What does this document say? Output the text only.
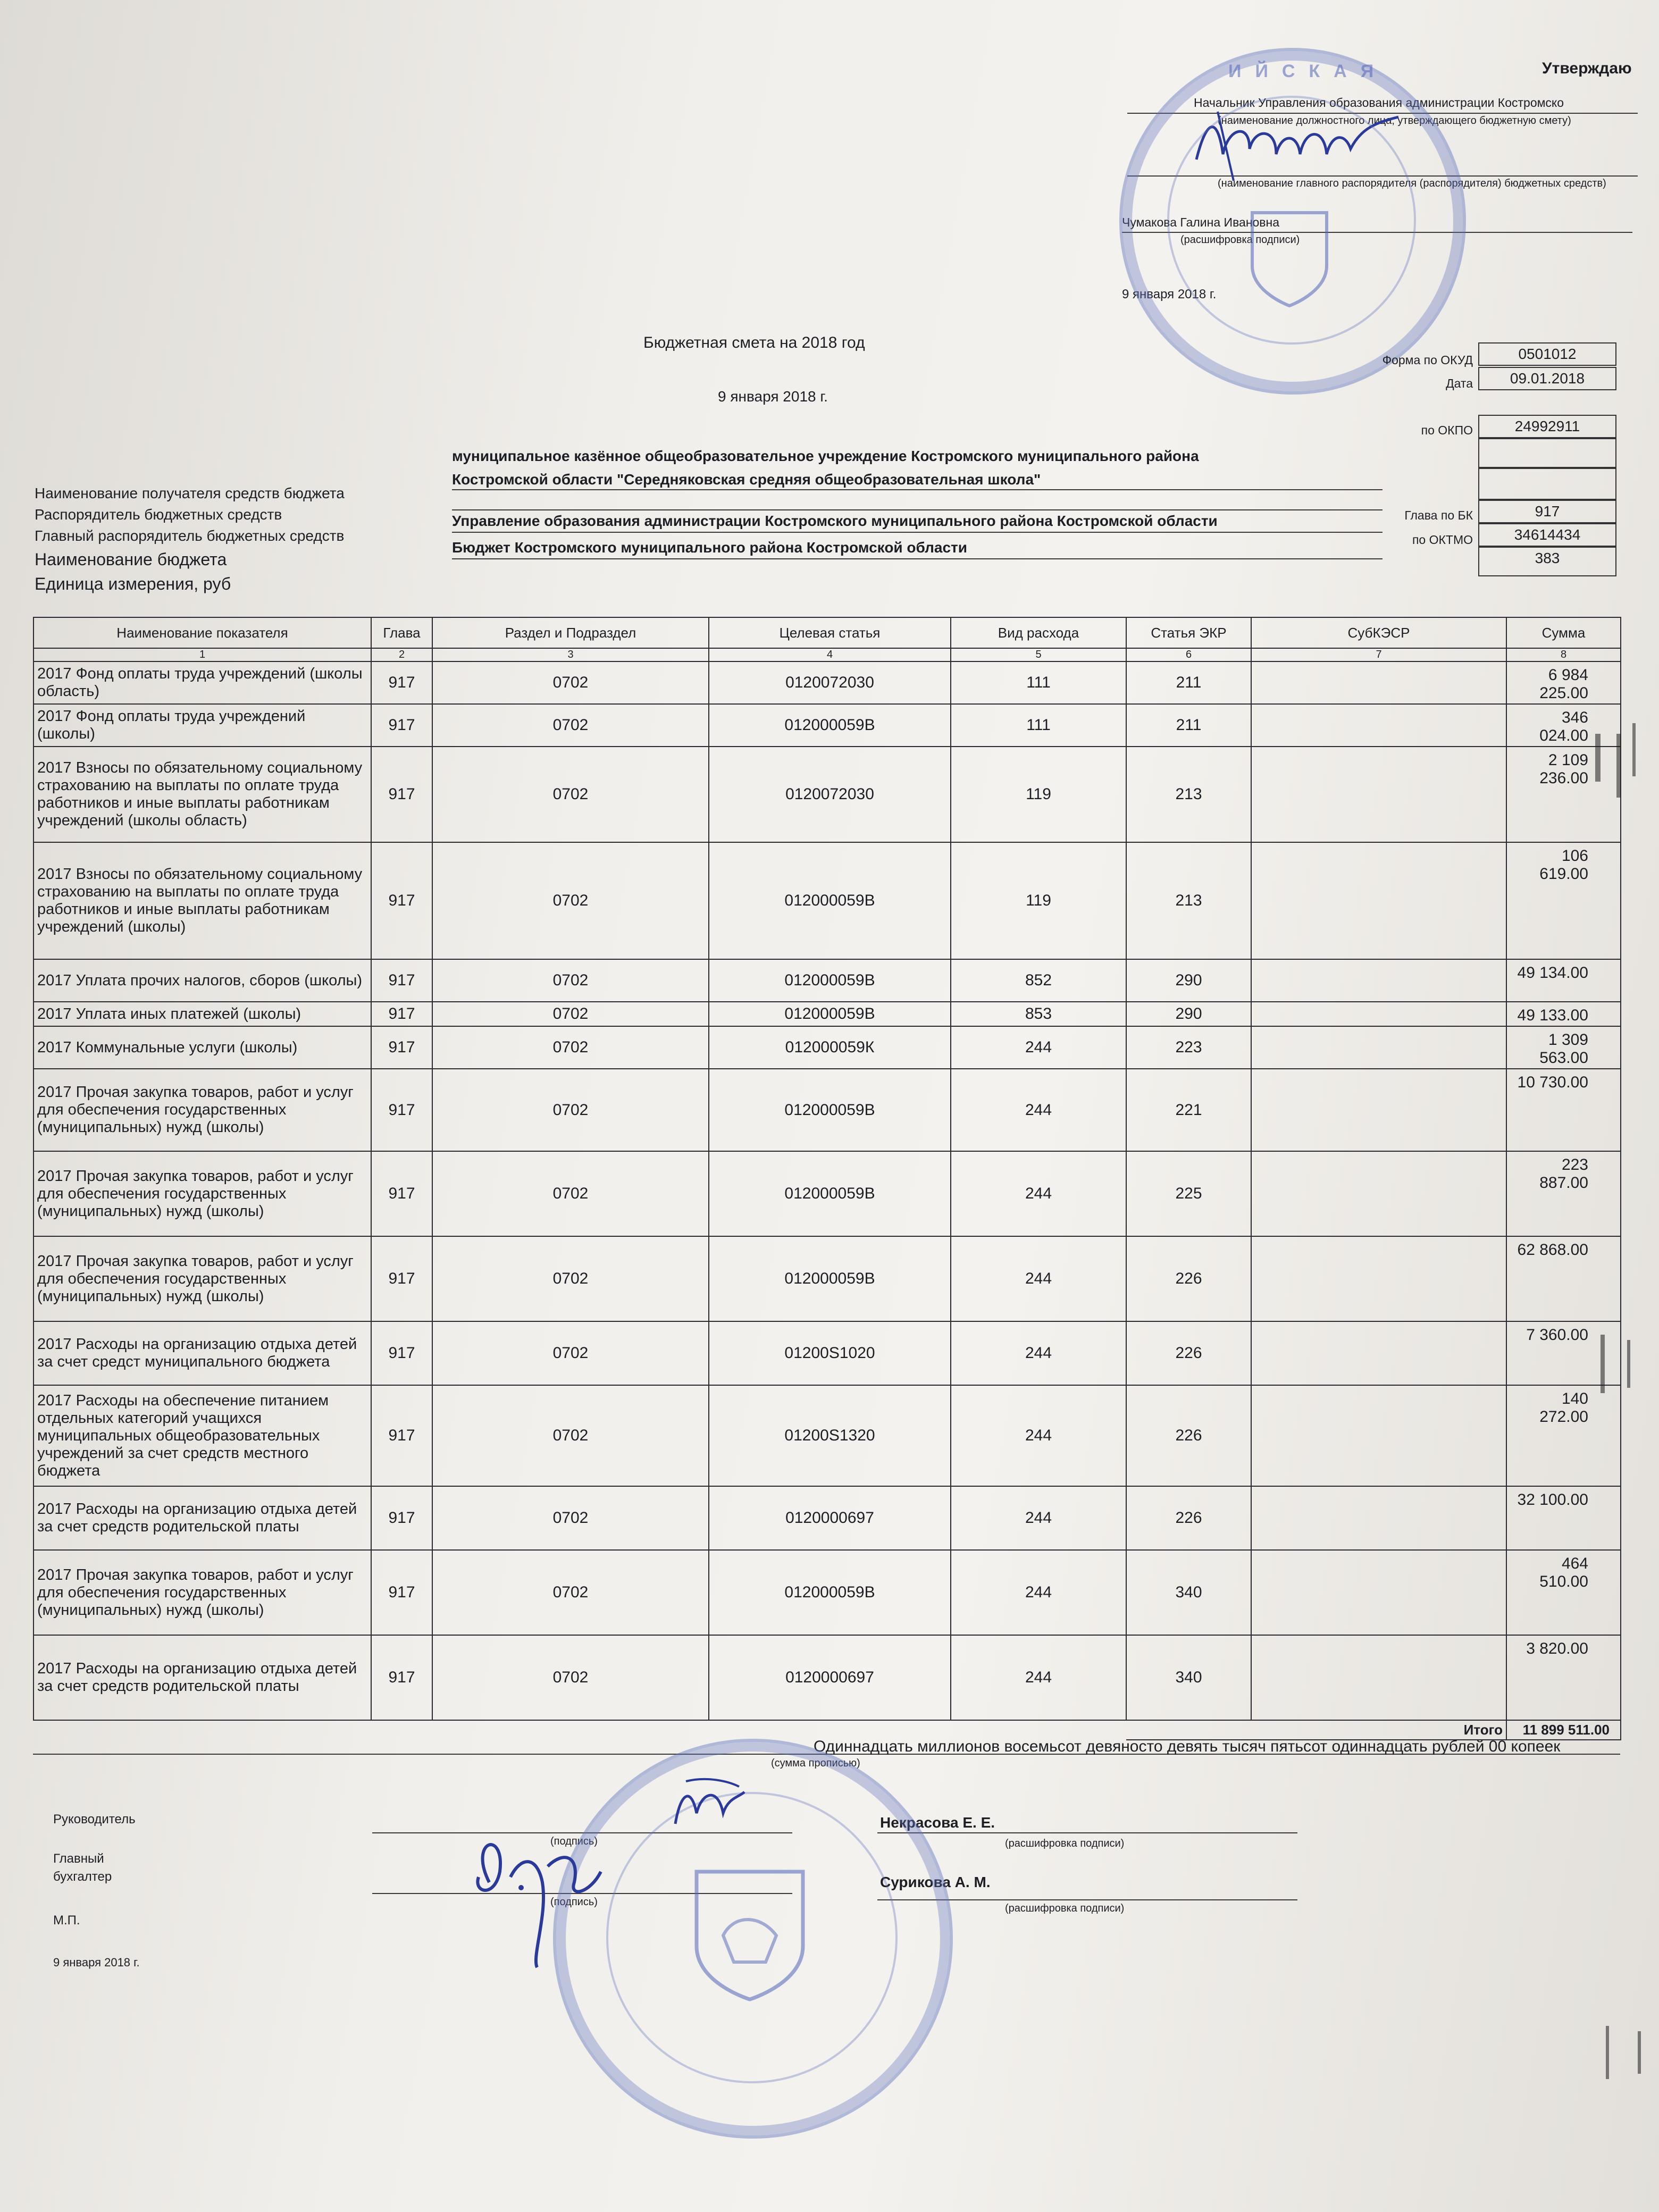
Утверждаю
Начальник Управления образования администрации Костромско
(наименование должностного лица, утверждающего бюджетную смету)
(наименование главного распорядителя (распорядителя) бюджетных средств)
Чумакова Галина Ивановна
(расшифровка подписи)
9 января 2018 г.
ИЙСКАЯ
Бюджетная смета на 2018 год
9 января 2018 г.
Форма по ОКУД	0501012
Дата	09.01.2018
по ОКПО	24992911
Глава по БК	917
по ОКТМО	34614434
383
Наименование получателя средств бюджета
Распорядитель бюджетных средств
Главный распорядитель бюджетных средств
Наименование бюджета
Единица измерения, руб
муниципальное казённое общеобразовательное учреждение Костромского муниципального района
Костромской области "Середняковская средняя общеобразовательная школа"
Управление образования администрации Костромского муниципального района Костромской области
Бюджет Костромского муниципального района Костромской области
Наименование показателя	Глава	Раздел и Подраздел	Целевая статья	Вид расхода	Статья ЭКР	СубКЭСР	Сумма
1	2	3	4	5	6	7	8
2017 Фонд оплаты труда учреждений (школы область)	917	0702	0120072030	111	211		6 984 225.00
2017 Фонд оплаты труда учреждений (школы)	917	0702	012000059В	111	211		346 024.00
2017 Взносы по обязательному социальному страхованию на выплаты по оплате труда работников и иные выплаты работникам учреждений (школы область)	917	0702	0120072030	119	213		2 109 236.00
2017 Взносы по обязательному социальному страхованию на выплаты по оплате труда работников и иные выплаты работникам учреждений (школы)	917	0702	012000059В	119	213		106 619.00
2017 Уплата прочих налогов, сборов (школы)	917	0702	012000059В	852	290		49 134.00
2017 Уплата иных платежей (школы)	917	0702	012000059В	853	290		49 133.00
2017 Коммунальные услуги (школы)	917	0702	012000059К	244	223		1 309 563.00
2017 Прочая закупка товаров, работ и услуг для обеспечения государственных (муниципальных) нужд (школы)	917	0702	012000059В	244	221		10 730.00
2017 Прочая закупка товаров, работ и услуг для обеспечения государственных (муниципальных) нужд (школы)	917	0702	012000059В	244	225		223 887.00
2017 Прочая закупка товаров, работ и услуг для обеспечения государственных (муниципальных) нужд (школы)	917	0702	012000059В	244	226		62 868.00
2017 Расходы на организацию отдыха детей за счет средст муниципального бюджета	917	0702	01200S1020	244	226		7 360.00
2017 Расходы на обеспечение питанием отдельных категорий учащихся муниципальных общеобразовательных учреждений за счет средств местного бюджета	917	0702	01200S1320	244	226		140 272.00
2017 Расходы на организацию отдыха детей за счет средств родительской платы	917	0702	0120000697	244	226		32 100.00
2017 Прочая закупка товаров, работ и услуг для обеспечения государственных (муниципальных) нужд (школы)	917	0702	012000059В	244	340		464 510.00
2017 Расходы на организацию отдыха детей за счет средств родительской платы	917	0702	0120000697	244	340		3 820.00
					Итого		11 899 511.00
Одиннадцать миллионов восемьсот девяносто девять тысяч пятьсот одиннадцать рублей 00 копеек
(сумма прописью)
Руководитель
(подпись)
Некрасова Е. Е.
(расшифровка подписи)
Главный
бухгалтер
(подпись)
Сурикова А. М.
(расшифровка подписи)
М.П.
9 января 2018 г.
